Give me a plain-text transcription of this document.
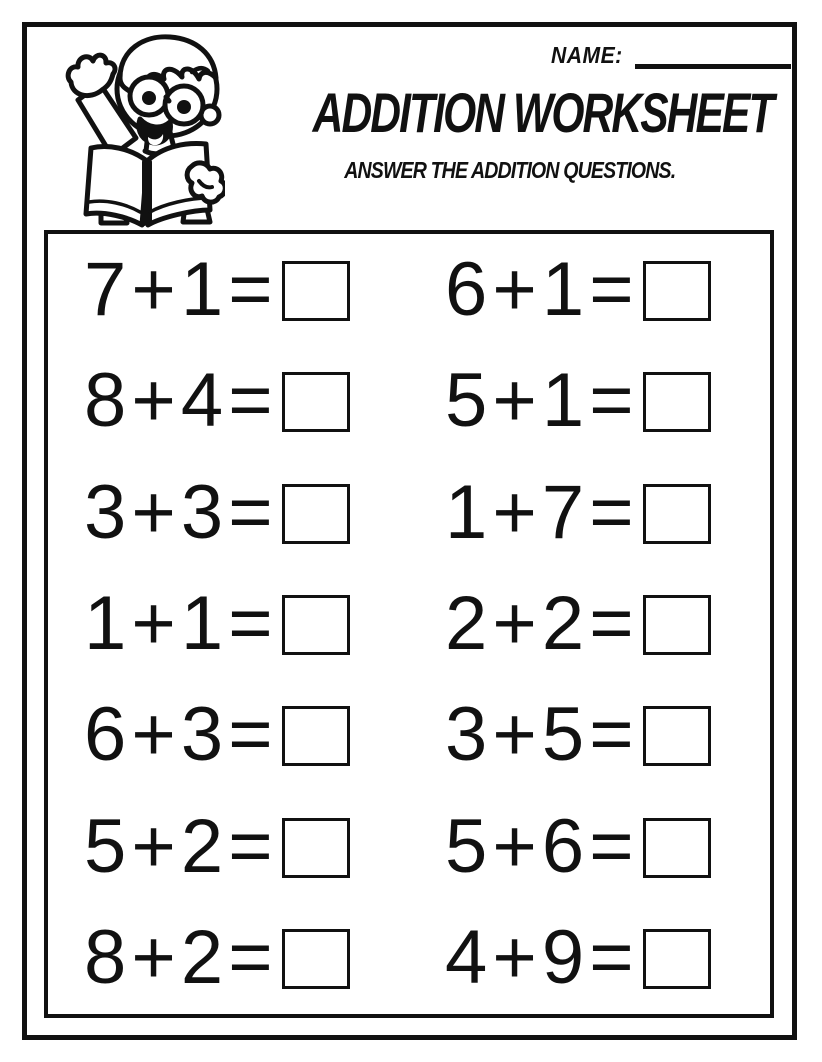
NAME:
ADDITION WORKSHEET
ANSWER THE ADDITION QUESTIONS.
7 + 1 =
8 + 4 =
3 + 3 =
1 + 1 =
6 + 3 =
5 + 2 =
8 + 2 =
6 + 1 =
5 + 1 =
1 + 7 =
2 + 2 =
3 + 5 =
5 + 6 =
4 + 9 =
